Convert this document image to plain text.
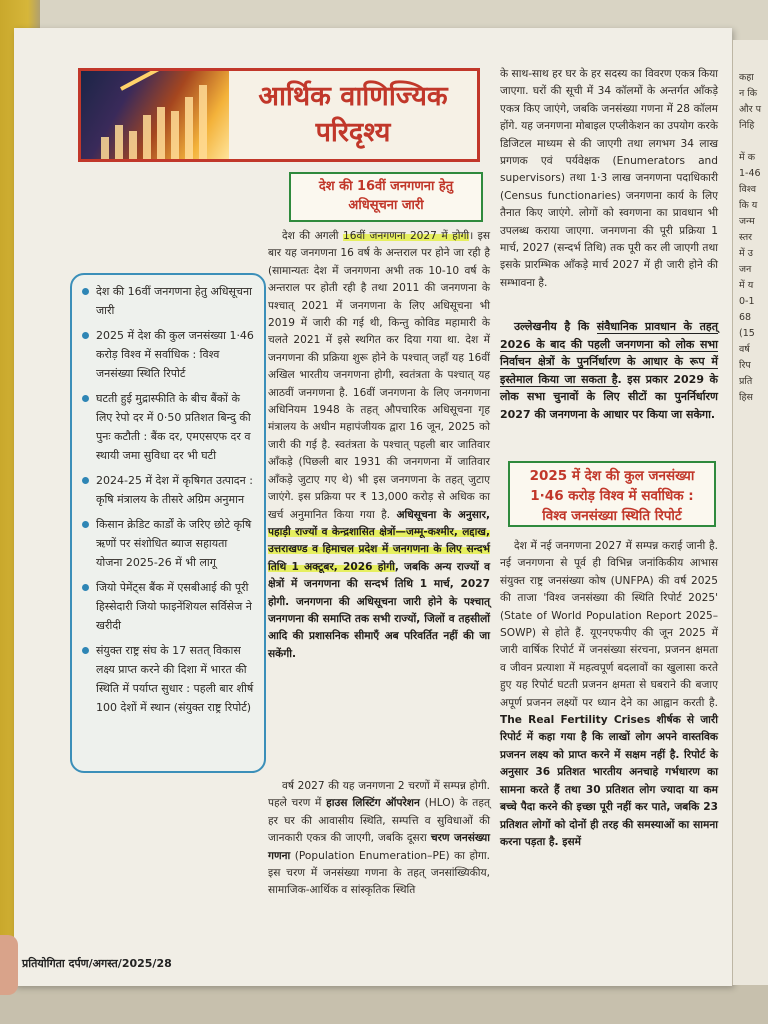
कहा
न कि
और प
निहि

में क
1-46
विश्व
कि य
जन्म
स्तर
में उ
जन
में य
0-1
68
(15
वर्ष
रिप
प्रति
हिस
आर्थिक वाणिज्यिक परिदृश्य
देश की 16वीं जनगणना हेतु अधिसूचना जारी
देश की 16वीं जनगणना हेतु अधिसूचना जारी
2025 में देश की कुल जनसंख्या 1·46 करोड़ विश्व में सर्वाधिक : विश्व जनसंख्या स्थिति रिपोर्ट
घटती हुई मुद्रास्फीति के बीच बैंकों के लिए रेपो दर में 0·50 प्रतिशत बिन्दु की पुनः कटौती : बैंक दर, एमएसएफ दर व स्थायी जमा सुविधा दर भी घटी
2024-25 में देश में कृषिगत उत्पादन : कृषि मंत्रालय के तीसरे अग्रिम अनुमान
किसान क्रेडिट कार्डों के जरिए छोटे कृषि ऋणों पर संशोधित ब्याज सहायता योजना 2025-26 में भी लागू
जियो पेमेंट्स बैंक में एसबीआई की पूरी हिस्सेदारी जियो फाइनेंशियल सर्विसेज ने खरीदी
संयुक्त राष्ट्र संघ के 17 सतत् विकास लक्ष्य प्राप्त करने की दिशा में भारत की स्थिति में पर्याप्त सुधार : पहली बार शीर्ष 100 देशों में स्थान (संयुक्त राष्ट्र रिपोर्ट)

देश की अगली 16वीं जनगणना 2027 में होगी। इस बार यह जनगणना 16 वर्ष के अन्तराल पर होने जा रही है (सामान्यतः देश में जनगणना अभी तक 10-10 वर्ष के अन्तराल पर होती रही है तथा 2011 की जनगणना के पश्चात् 2021 में जनगणना के लिए अधिसूचना भी 2019 में जारी की गई थी, किन्तु कोविड महामारी के चलते 2021 में इसे स्थगित कर दिया गया था. देश में जनगणना की प्रक्रिया शुरू होने के पश्चात् जहाँ यह 16वीं अखिल भारतीय जनगणना होगी, स्वतंत्रता के पश्चात् यह आठवीं जनगणना है. 16वीं जनगणना के लिए जनगणना अधिनियम 1948 के तहत् औपचारिक अधिसूचना गृह मंत्रालय के अधीन महापंजीयक द्वारा 16 जून, 2025 को जारी की गई है. स्वतंत्रता के पश्चात् पहली बार जातिवार आँकड़े (पिछली बार 1931 की जनगणना में जातिवार आँकड़े जुटाए गए थे) भी इस जनगणना के तहत् जुटाए जाएंगे. इस प्रक्रिया पर ₹ 13,000 करोड़ से अधिक का खर्च अनुमानित किया गया है. अधिसूचना के अनुसार, पहाड़ी राज्यों व केन्द्रशासित क्षेत्रों—जम्मू-कश्मीर, लद्दाख, उत्तराखण्ड व हिमाचल प्रदेश में जनगणना के लिए सन्दर्भ तिथि 1 अक्टूबर, 2026 होगी, जबकि अन्य राज्यों व क्षेत्रों में जनगणना की सन्दर्भ तिथि 1 मार्च, 2027 होगी. जनगणना की अधिसूचना जारी होने के पश्चात् जनगणना की समाप्ति तक सभी राज्यों, जिलों व तहसीलों आदि की प्रशासनिक सीमाएँ अब परिवर्तित नहीं की जा सकेंगी.

वर्ष 2027 की यह जनगणना 2 चरणों में सम्पन्न होगी. पहले चरण में हाउस लिस्टिंग ऑपरेशन (HLO) के तहत् हर घर की आवासीय स्थिति, सम्पत्ति व सुविधाओं की जानकारी एकत्र की जाएगी, जबकि दूसरा चरण जनसंख्या गणना (Population Enumeration–PE) का होगा. इस चरण में जनसंख्या गणना के तहत् जनसांख्यिकीय, सामाजिक-आर्थिक व सांस्कृतिक स्थिति

के साथ-साथ हर घर के हर सदस्य का विवरण एकत्र किया जाएगा. घरों की सूची में 34 कॉलमों के अन्तर्गत आँकड़े एकत्र किए जाएंगे, जबकि जनसंख्या गणना में 28 कॉलम होंगे. यह जनगणना मोबाइल एप्लीकेशन का उपयोग करके डिजिटल माध्यम से की जाएगी तथा लगभग 34 लाख प्रगणक एवं पर्यवेक्षक (Enumerators and supervisors) तथा 1·3 लाख जनगणना पदाधिकारी (Census functionaries) जनगणना कार्य के लिए तैनात किए जाएंगे. लोगों को स्वगणना का प्रावधान भी उपलब्ध कराया जाएगा. जनगणना की पूरी प्रक्रिया 1 मार्च, 2027 (सन्दर्भ तिथि) तक पूरी कर ली जाएगी तथा इसके प्रारम्भिक आँकड़े मार्च 2027 में ही जारी होने की सम्भावना है.

उल्लेखनीय है कि संवैधानिक प्रावधान के तहत् 2026 के बाद की पहली जनगणना को लोक सभा निर्वाचन क्षेत्रों के पुनर्निर्धारण के आधार के रूप में इस्तेमाल किया जा सकता है. इस प्रकार 2029 के लोक सभा चुनावों के लिए सीटों का पुनर्निर्धारण 2027 की जनगणना के आधार पर किया जा सकेगा.

2025 में देश की कुल जनसंख्या 1·46 करोड़ विश्व में सर्वाधिक : विश्व जनसंख्या स्थिति रिपोर्ट

देश में नई जनगणना 2027 में सम्पन्न कराई जानी है. नई जनगणना से पूर्व ही विभिन्न जनांकिकीय आभास संयुक्त राष्ट्र जनसंख्या कोष (UNFPA) की वर्ष 2025 की ताजा 'विश्व जनसंख्या की स्थिति रिपोर्ट 2025' (State of World Population Report 2025–SOWP) से होते हैं. यूएनएफपीए की जून 2025 में जारी वार्षिक रिपोर्ट में जनसंख्या संरचना, प्रजनन क्षमता व जीवन प्रत्याशा में महत्वपूर्ण बदलावों का खुलासा करते हुए यह रिपोर्ट घटती प्रजनन क्षमता से घबराने की बजाए अपूर्ण प्रजनन लक्ष्यों पर ध्यान देने का आह्वान करती है. The Real Fertility Crises शीर्षक से जारी रिपोर्ट में कहा गया है कि लाखों लोग अपने वास्तविक प्रजनन लक्ष्य को प्राप्त करने में सक्षम नहीं है. रिपोर्ट के अनुसार 36 प्रतिशत भारतीय अनचाहे गर्भधारण का सामना करते हैं तथा 30 प्रतिशत लोग ज्यादा या कम बच्चे पैदा करने की इच्छा पूरी नहीं कर पाते, जबकि 23 प्रतिशत लोगों को दोनों ही तरह की समस्याओं का सामना करना पड़ता है. इसमें

प्रतियोगिता दर्पण/अगस्त/2025/28
